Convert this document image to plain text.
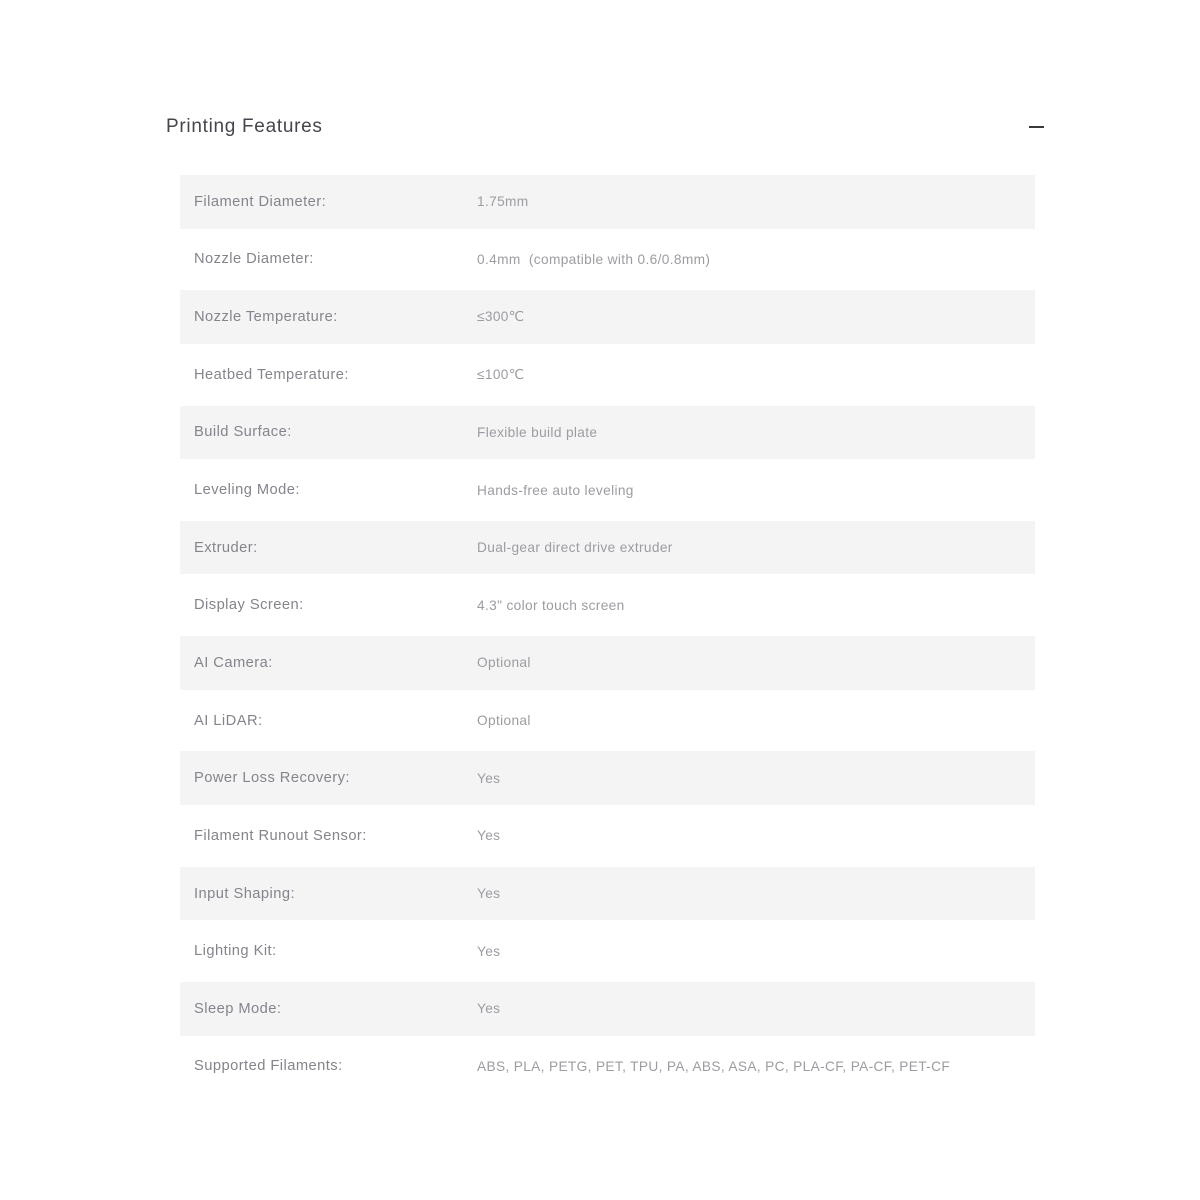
Printing Features
Filament Diameter:	1.75mm
Nozzle Diameter:	0.4mm  (compatible with 0.6/0.8mm)
Nozzle Temperature:	≤300℃
Heatbed Temperature:	≤100℃
Build Surface:	Flexible build plate
Leveling Mode:	Hands-free auto leveling
Extruder:	Dual-gear direct drive extruder
Display Screen:	4.3" color touch screen
AI Camera:	Optional
AI LiDAR:	Optional
Power Loss Recovery:	Yes
Filament Runout Sensor:	Yes
Input Shaping:	Yes
Lighting Kit:	Yes
Sleep Mode:	Yes
Supported Filaments:	ABS, PLA, PETG, PET, TPU, PA, ABS, ASA, PC, PLA-CF, PA-CF, PET-CF
